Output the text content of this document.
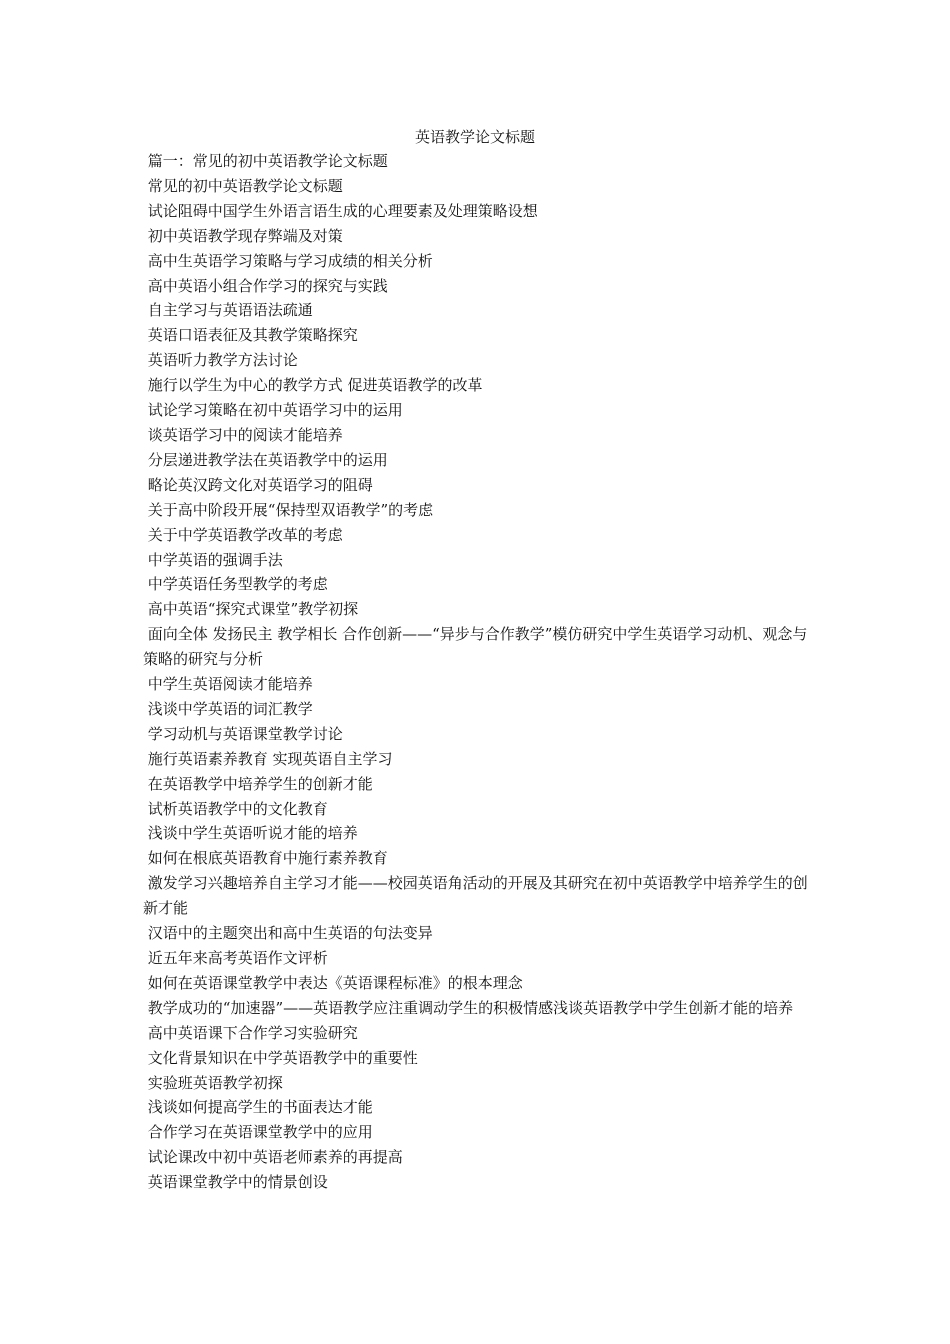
英语教学论文标题

篇一：常见的初中英语教学论文标题

常见的初中英语教学论文标题

试论阻碍中国学生外语言语生成的心理要素及处理策略设想

初中英语教学现存弊端及对策

高中生英语学习策略与学习成绩的相关分析

高中英语小组合作学习的探究与实践

自主学习与英语语法疏通

英语口语表征及其教学策略探究

英语听力教学方法讨论

施行以学生为中心的教学方式 促进英语教学的改革

试论学习策略在初中英语学习中的运用

谈英语学习中的阅读才能培养

分层递进教学法在英语教学中的运用

略论英汉跨文化对英语学习的阻碍

关于高中阶段开展“保持型双语教学”的考虑

关于中学英语教学改革的考虑

中学英语的强调手法

中学英语任务型教学的考虑

高中英语“探究式课堂”教学初探

面向全体 发扬民主 教学相长 合作创新——“异步与合作教学”模仿研究中学生英语学习动机、观念与策略的研究与分析

中学生英语阅读才能培养

浅谈中学英语的词汇教学

学习动机与英语课堂教学讨论

施行英语素养教育 实现英语自主学习

在英语教学中培养学生的创新才能

试析英语教学中的文化教育

浅谈中学生英语听说才能的培养

如何在根底英语教育中施行素养教育

激发学习兴趣培养自主学习才能——校园英语角活动的开展及其研究在初中英语教学中培养学生的创新才能

汉语中的主题突出和高中生英语的句法变异

近五年来高考英语作文评析

如何在英语课堂教学中表达《英语课程标准》的根本理念

教学成功的“加速器”——英语教学应注重调动学生的积极情感浅谈英语教学中学生创新才能的培养

高中英语课下合作学习实验研究

文化背景知识在中学英语教学中的重要性

实验班英语教学初探

浅谈如何提高学生的书面表达才能

合作学习在英语课堂教学中的应用

试论课改中初中英语老师素养的再提高

英语课堂教学中的情景创设
